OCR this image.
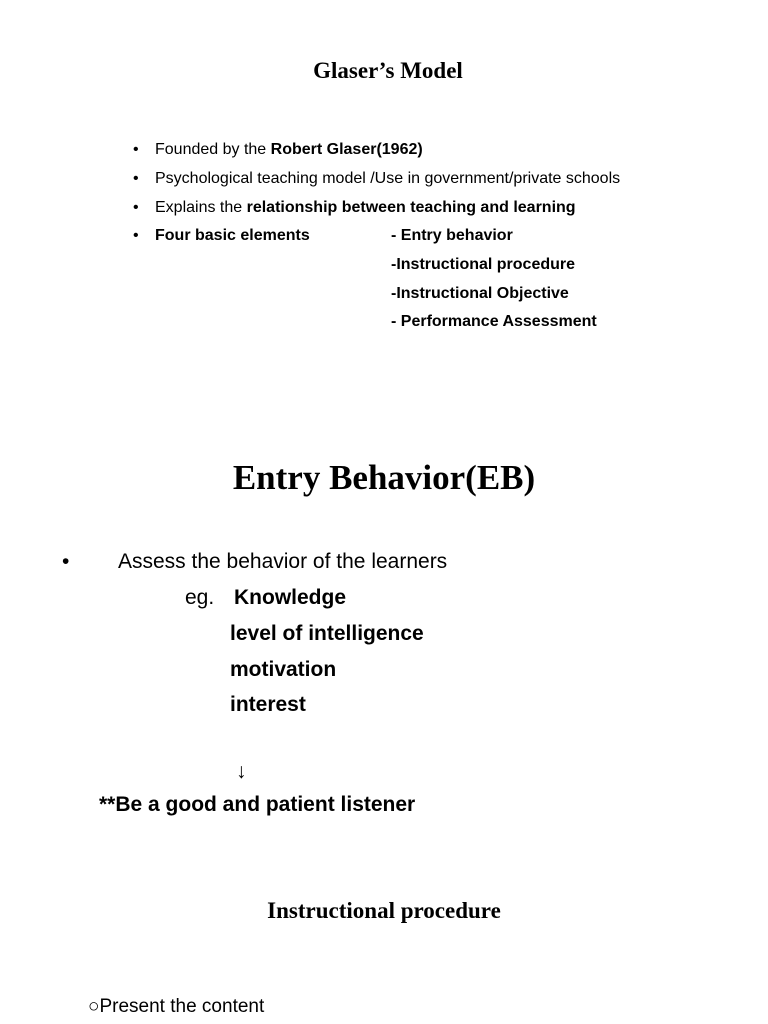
Glaser’s Model
• Founded by the Robert Glaser(1962)
• Psychological teaching model /Use in government/private schools
• Explains the relationship between teaching and learning
• Four basic elements	- Entry behavior
-Instructional procedure
-Instructional Objective
- Performance Assessment
Entry Behavior(EB)
• Assess the behavior of the learners
eg. Knowledge
level of intelligence
motivation
interest
↓
**Be a good and patient listener
Instructional procedure
○Present the content
